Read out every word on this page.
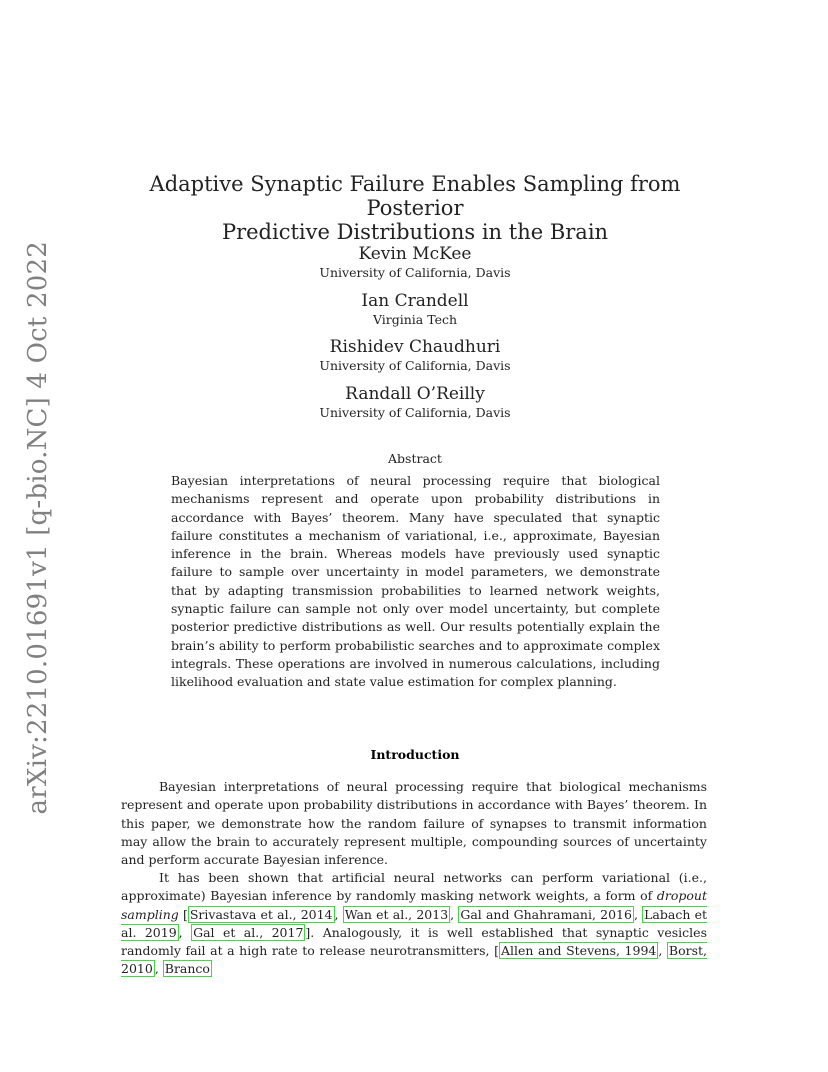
arXiv:2210.01691v1 [q-bio.NC] 4 Oct 2022
Adaptive Synaptic Failure Enables Sampling from Posterior
Predictive Distributions in the Brain
Kevin McKee
University of California, Davis
Ian Crandell
Virginia Tech
Rishidev Chaudhuri
University of California, Davis
Randall O’Reilly
University of California, Davis
Abstract
Bayesian interpretations of neural processing require that biological mechanisms represent and operate upon probability distributions in accordance with Bayes’ theorem. Many have speculated that synaptic failure constitutes a mechanism of variational, i.e., approximate, Bayesian inference in the brain. Whereas models have previously used synaptic failure to sample over uncertainty in model parameters, we demonstrate that by adapting transmission probabilities to learned network weights, synaptic failure can sample not only over model uncertainty, but complete posterior predictive distributions as well. Our results potentially explain the brain’s ability to perform probabilistic searches and to approximate complex integrals. These operations are involved in numerous calculations, including likelihood evaluation and state value estimation for complex planning.
Introduction
Bayesian interpretations of neural processing require that biological mechanisms represent and operate upon probability distributions in accordance with Bayes’ theorem. In this paper, we demonstrate how the random failure of synapses to transmit information may allow the brain to accurately represent multiple, compounding sources of uncertainty and perform accurate Bayesian inference.
It has been shown that artificial neural networks can perform variational (i.e., approximate) Bayesian inference by randomly masking network weights, a form of dropout sampling [ Srivastava et al., 2014 , Wan et al., 2013 , Gal and Ghahramani, 2016 , Labach et al. 2019 , Gal et al., 2017 ]. Analogously, it is well established that synaptic vesicles randomly fail at a high rate to release neurotransmitters, [ Allen and Stevens, 1994 , Borst, 2010 , Branco
